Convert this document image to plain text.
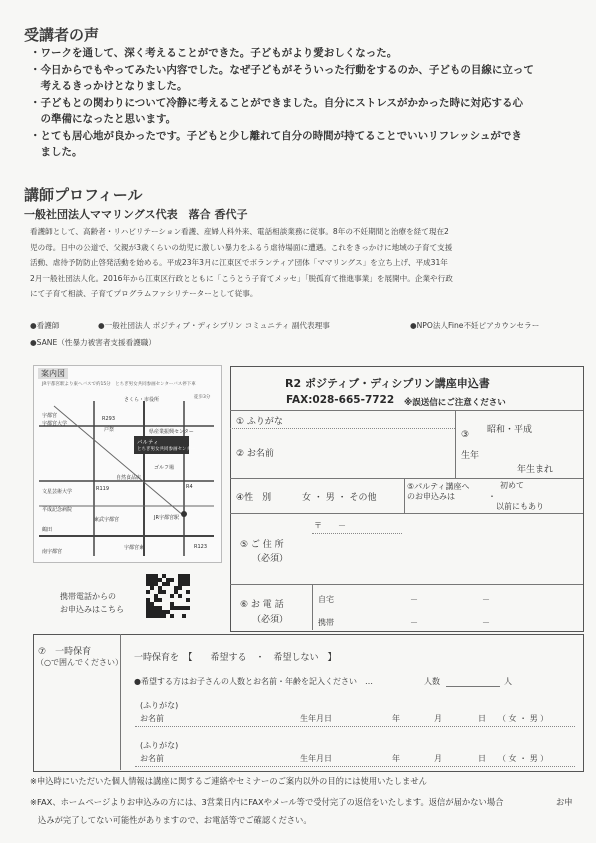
受講者の声
・ワークを通して、深く考えることができた。子どもがより愛おしくなった。
・今日からでもやってみたい内容でした。なぜ子どもがそういった行動をするのか、子どもの目線に立って
　考えるきっかけとなりました。
・子どもとの関わりについて冷静に考えることができました。自分にストレスがかかった時に対応する心
　の準備になったと思います。
・とても居心地が良かったです。子どもと少し離れて自分の時間が持てることでいいリフレッシュができ
　ました。
講師プロフィール
一般社団法人ママリングス代表　落合 香代子
看護師として、高齢者・リハビリテーション看護、産婦人科外来、電話相談業務に従事。8年の不妊期間と治療を経て現在2
児の母。日中の公道で、父親が3歳くらいの幼児に激しい暴力をふるう虐待場面に遭遇。これをきっかけに地域の子育て支援
活動、虐待予防防止啓発活動を始める。平成23年3月に江東区でボランティア団体「ママリングス」を立ち上げ、平成31年
2月一般社団法人化。2016年から江東区行政とともに「こうとう子育てメッセ」「脱孤育て推進事業」を展開中。企業や行政
にて子育て相談、子育てプログラムファシリテーターとして従事。
●看護師	●一般社団法人 ポジティブ・ディシプリン コミュニティ 副代表理事	●NPO法人Fine不妊ピアカウンセラー
●SANE（性暴力被害者支援看護職）
案内図
JR宇都宮駅より東へバスで約15分　とちぎ男女共同参画センターバス停下車
徒歩3分
R293
さくら・市役所
宇都宮
宇都宮大学
戸祭	県産業振興センター
パルティ
とちぎ男女共同参画センター
ゴルフ場
自然食品店
R4
R119
文星芸術大学
平成記念病院
鶴田
JR宇都宮駅
東武宇都宮
R123
宇都宮東
南宇都宮
携帯電話からの
お申込みはこちら
R2 ポジティブ・ディシプリン講座申込書
FAX:028-665-7722 ※誤送信にご注意ください
① ふりがな
② お名前
③
生年
昭和・平成
年生まれ
④性　別	女 ・ 男 ・ その他
⑤パルティ講座へのお申込みは
初めて
・
以前にもあり
⑤ ご 住 所
（必須）
〒　　－
⑥ お 電 話
（必須）
自宅	－	－
携帯	－	－
⑦　一時保育
（○で囲んでください） 一時保育を　【　　希望する　・　希望しない　】
●希望する方はお子さんの人数とお名前・年齢を記入ください　…	人数	人
(ふりがな)
お名前	生年月日	年	月	日 （ 女 ・ 男 ）
(ふりがな)
お名前	生年月日	年	月	日 （ 女 ・ 男 ）
※申込時にいただいた個人情報は講座に関するご連絡やセミナーのご案内以外の目的には使用いたしません
※FAX、ホームページよりお申込みの方には、3営業日内にFAXやメール等で受付完了の返信をいたします。返信が届かない場合	お申
込みが完了してない可能性がありますので、お電話等でご確認ください。
